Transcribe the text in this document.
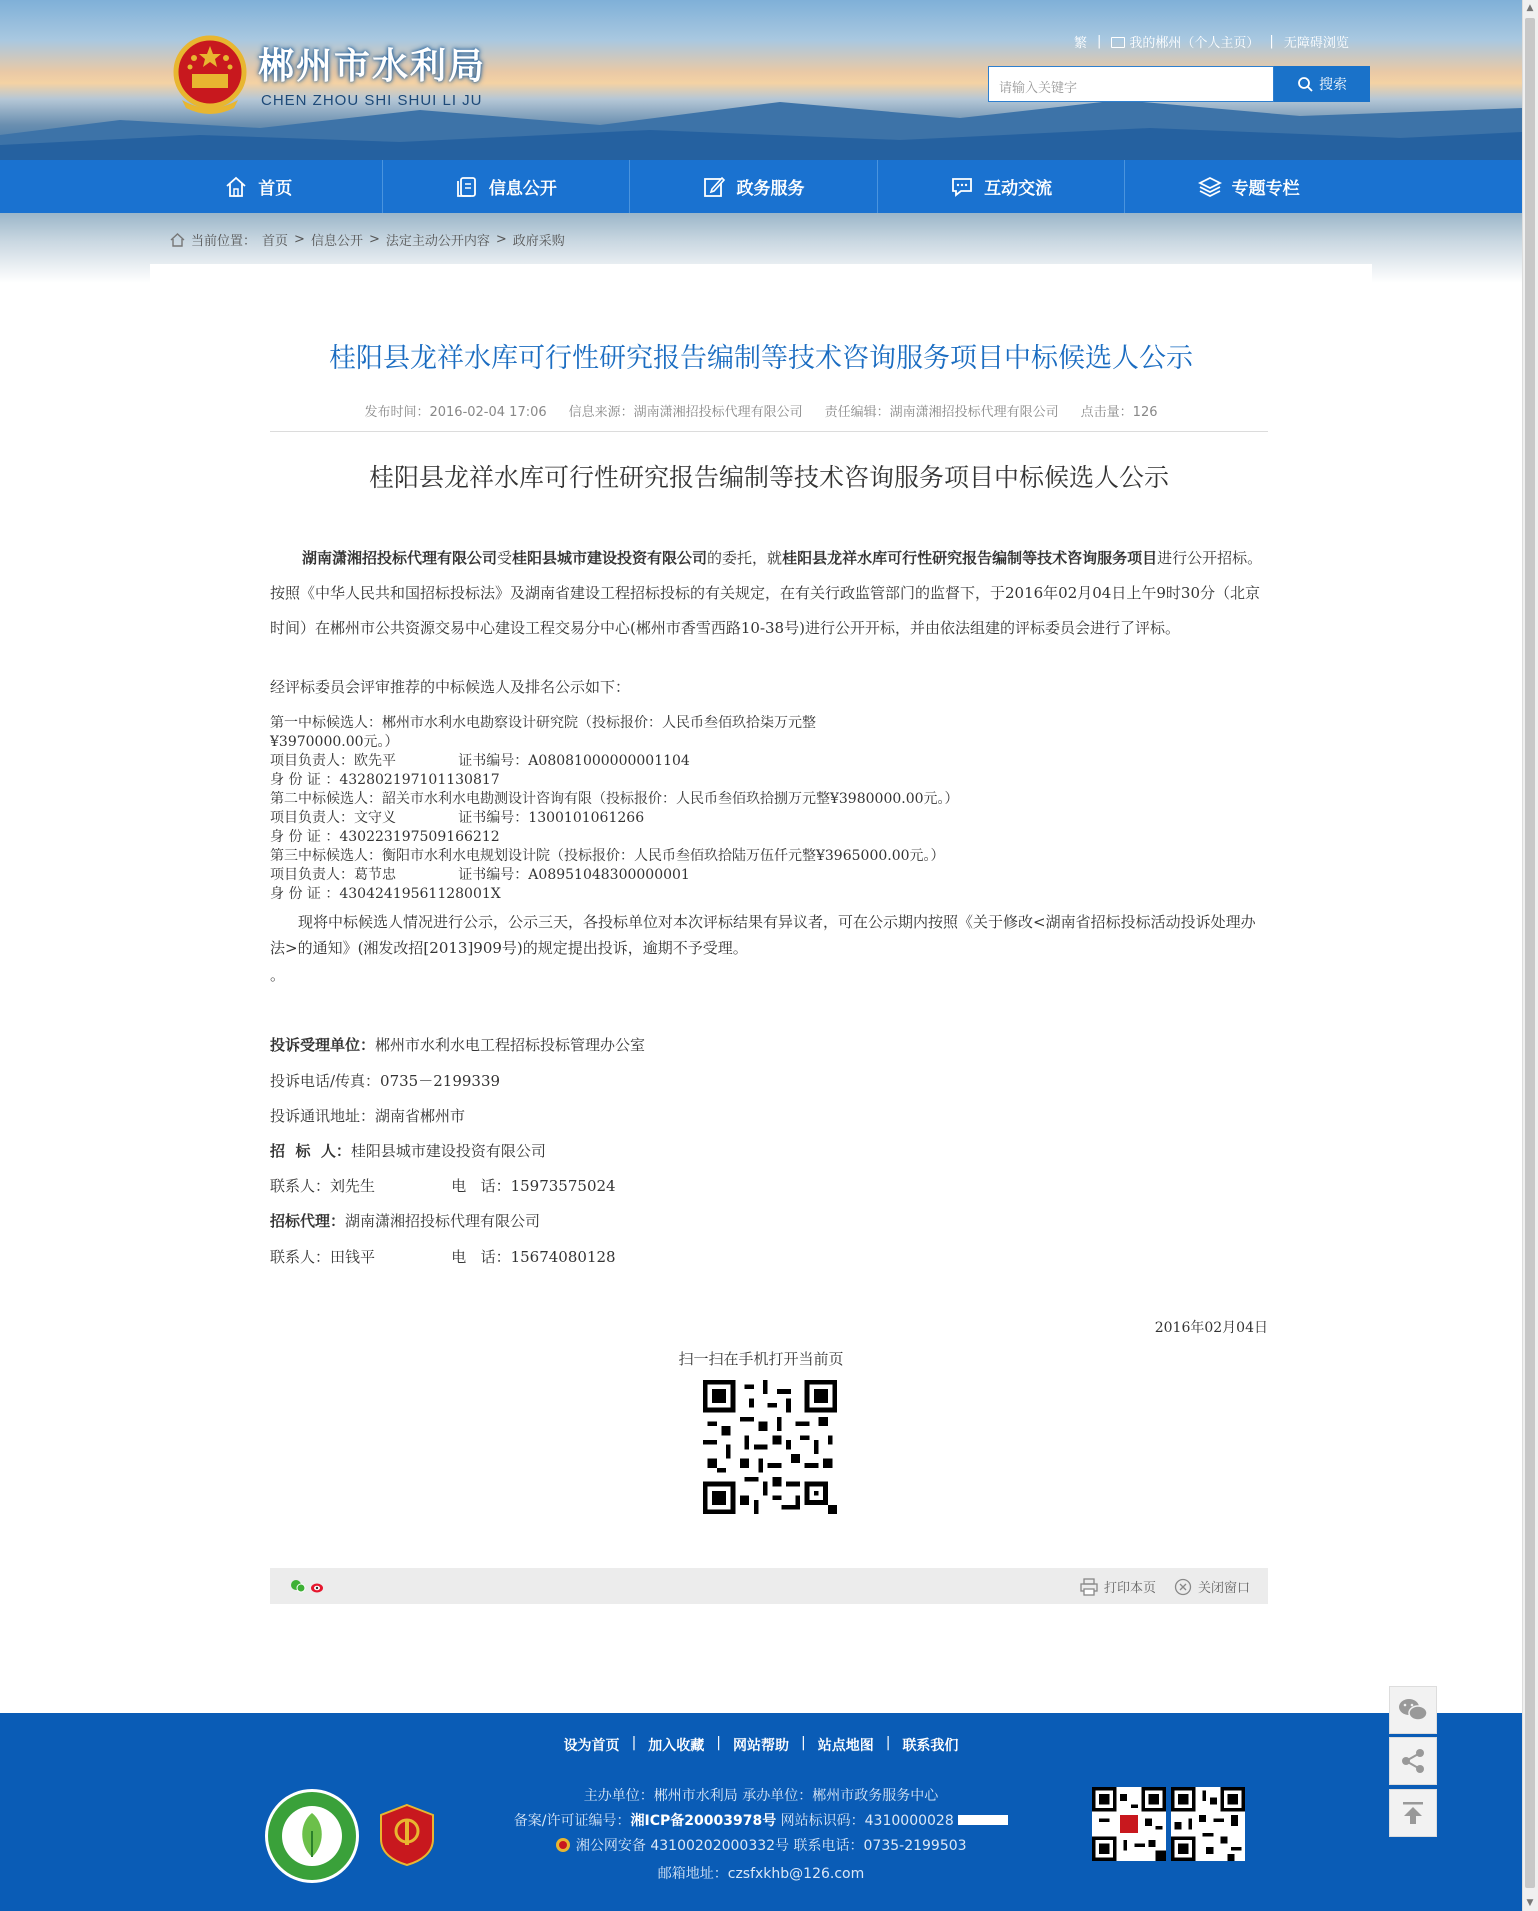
郴州市水利局
CHEN ZHOU SHI SHUI LI JU
繁 |	我的郴州（个人主页） | 无障碍浏览
请输入关键字	搜索
首页	信息公开	政务服务	互动交流	专题专栏
当前位置： 首页 > 信息公开 > 法定主动公开内容 > 政府采购
桂阳县龙祥水库可行性研究报告编制等技术咨询服务项目中标候选人公示
发布时间：2016-02-04 17:06 信息来源：湖南潇湘招投标代理有限公司 责任编辑：湖南潇湘招投标代理有限公司 点击量：126
桂阳县龙祥水库可行性研究报告编制等技术咨询服务项目中标候选人公示
湖南潇湘招投标代理有限公司受桂阳县城市建设投资有限公司的委托，就桂阳县龙祥水库可行性研究报告编制等技术咨询服务项目进行公开招标。按照《中华人民共和国招标投标法》及湖南省建设工程招标投标的有关规定，在有关行政监管部门的监督下，于2016年02月04日上午9时30分（北京时间）在郴州市公共资源交易中心建设工程交易分中心(郴州市香雪西路10-38号)进行公开开标，并由依法组建的评标委员会进行了评标。
经评标委员会评审推荐的中标候选人及排名公示如下：
第一中标候选人：郴州市水利水电勘察设计研究院（投标报价：人民币叁佰玖拾柒万元整
¥3970000.00元。）
项目负责人：欧先平              证书编号：A08081000000001104
身 份 证 ：432802197101130817
第二中标候选人：韶关市水利水电勘测设计咨询有限（投标报价：人民币叁佰玖拾捌万元整¥3980000.00元。）
项目负责人：文守义              证书编号：1300101061266
身 份 证 ：430223197509166212
第三中标候选人：衡阳市水利水电规划设计院（投标报价：人民币叁佰玖拾陆万伍仟元整¥3965000.00元。）
项目负责人：葛节忠              证书编号：A08951048300000001
身 份 证 ：43042419561128001X
现将中标候选人情况进行公示，公示三天，各投标单位对本次评标结果有异议者，可在公示期内按照《关于修改<湖南省招标投标活动投诉处理办法>的通知》(湘发改招[2013]909号)的规定提出投诉，逾期不予受理。
。
投诉受理单位：郴州市水利水电工程招标投标管理办公室
投诉电话/传真：0735－2199339
投诉通讯地址：湖南省郴州市
招  标  人：桂阳县城市建设投资有限公司
联系人：刘先生                电   话：15973575024
招标代理：湖南潇湘招投标代理有限公司
联系人：田钱平                电   话：15674080128
2016年02月04日
扫一扫在手机打开当前页
打印本页	关闭窗口
设为首页 | 加入收藏 | 网站帮助 | 站点地图 | 联系我们
主办单位：郴州市水利局 承办单位：郴州市政务服务中心
备案/许可证编号：湘ICP备20003978号 网站标识码：4310000028
湘公网安备 43100202000332号 联系电话：0735-2199503
邮箱地址：czsfxkhb@126.com
▲
▼
